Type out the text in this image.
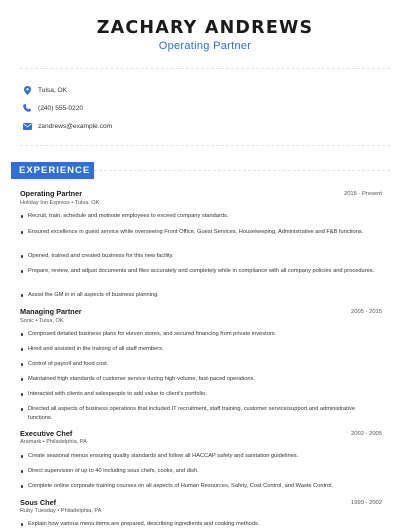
ZACHARY ANDREWS
Operating Partner
Tulsa, OK
(240) 555-0220
zandrews@example.com
EXPERIENCE
Operating Partner	2015 - Present
Holiday Inn Express • Tulsa, OK
Recruit, train, schedule and motivate employees to exceed company standards.
Ensured excellence in guest service while overseeing Front Office, Guest Services, Housekeeping, Administrative and F&B functions.
Opened, trained and created business for this new facility.
Prepare, review, and adjust documents and files accurately and completely while in compliance with all company policies and procedures.
Assist the GM in in all aspects of business planning.
Managing Partner	2005 - 2015
Sonic • Tulsa, OK
Composed detailed business plans for eleven stores, and secured financing from private investors.
Hired and assisted in the training of all staff members.
Control of payroll and food cost.
Maintained high standards of customer service during high-volume, fast-paced operations.
Interacted with clients and salespeople to add value to client's portfolio.
Directed all aspects of business operations that included IT recruitment, staff training, customer service/support and administrative functions.
Executive Chef	2002 - 2005
Aramark • Philadelphia, PA
Create seasonal menus ensuring quality standards and follow all HACCAP safety and sanitation guidelines.
Direct supervision of up to 40 including sous chefs, cooks, and dish.
Complete online corporate training courses on all aspects of Human Resources, Safety, Cost Control, and Waste Control.
Sous Chef	1999 - 2002
Ruby Tuesday • Philadelphia, PA
Explain how various menu items are prepared, describing ingredients and cooking methods.
